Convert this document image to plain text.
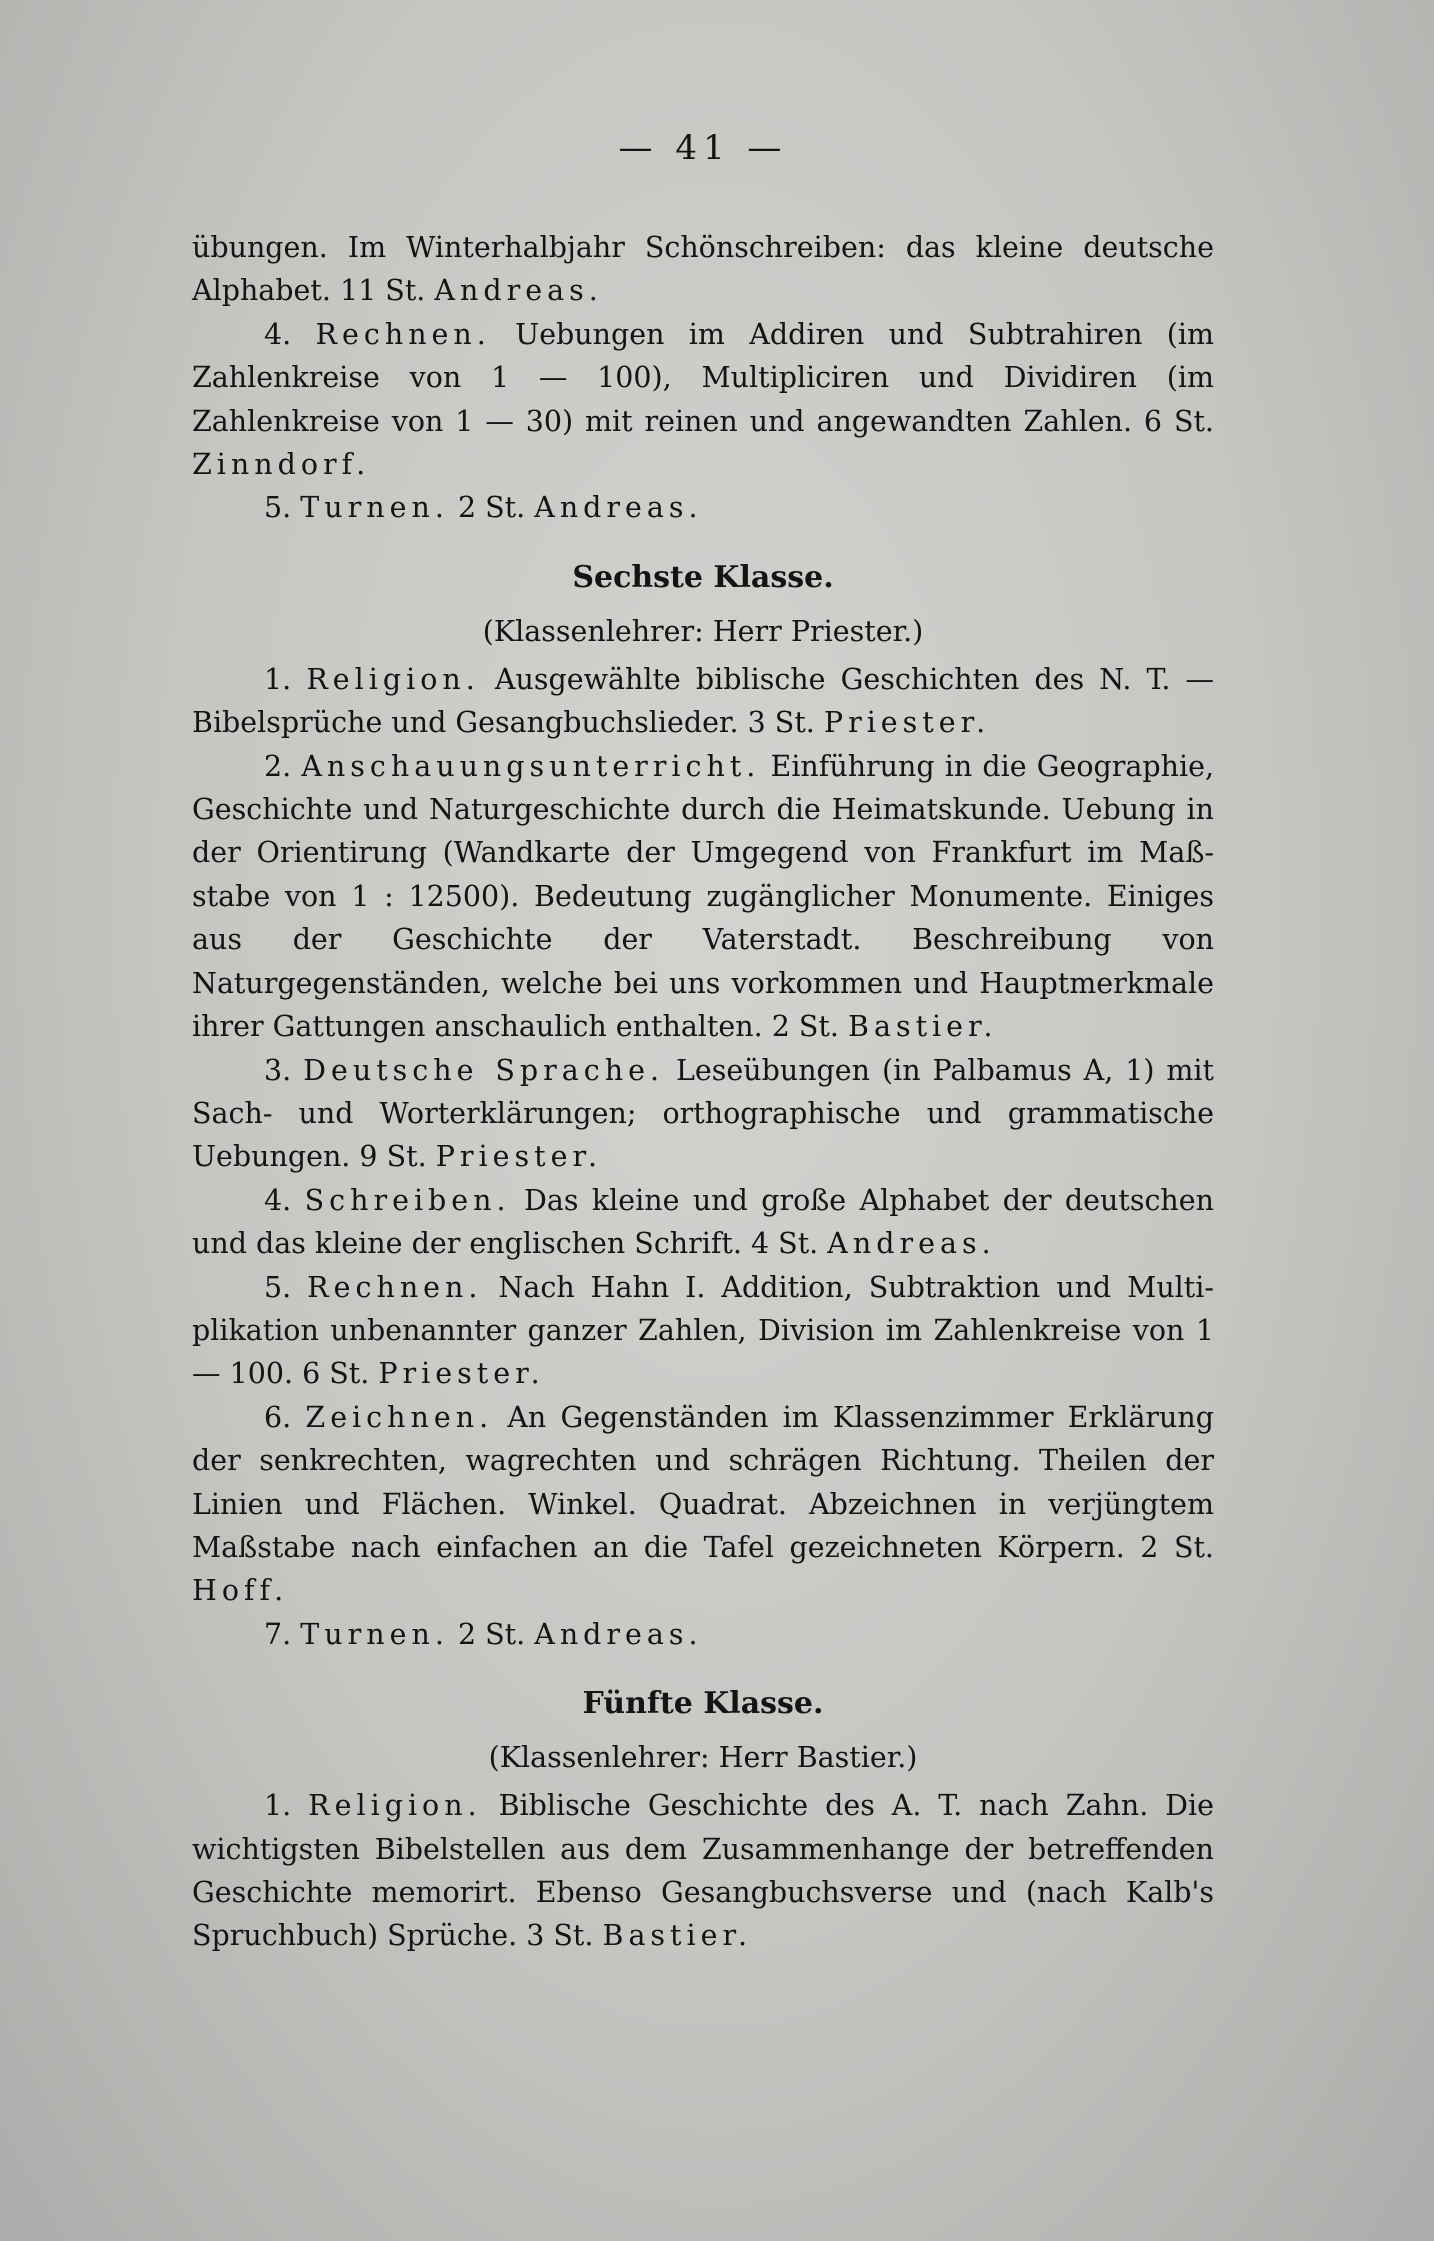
— 41 —

übungen. Im Winterhalbjahr Schönschreiben: das kleine deutsche Alphabet. 11 St. Andreas.

4. Rechnen. Uebungen im Addiren und Subtrahiren (im Zahlenkreise von 1 — 100), Multipliciren und Dividiren (im Zahlenkreise von 1 — 30) mit reinen und angewandten Zahlen. 6 St. Zinndorf.

5. Turnen. 2 St. Andreas.

Sechste Klasse.
(Klassenlehrer: Herr Priester.)

1. Religion. Ausgewählte biblische Geschichten des N. T. — Bibelsprüche und Gesangbuchslieder. 3 St. Priester.

2. Anschauungsunterricht. Einführung in die Geographie, Geschichte und Naturgeschichte durch die Heimatskunde. Uebung in der Orientirung (Wandkarte der Umgegend von Frankfurt im Maßstabe von 1 : 12500). Bedeutung zugänglicher Monumente. Einiges aus der Geschichte der Vaterstadt. Beschreibung von Naturgegenständen, welche bei uns vorkommen und Hauptmerkmale ihrer Gattungen anschaulich enthalten. 2 St. Bastier.

3. Deutsche Sprache. Leseübungen (in Palbamus A, 1) mit Sach- und Worterklärungen; orthographische und grammatische Uebungen. 9 St. Priester.

4. Schreiben. Das kleine und große Alphabet der deutschen und das kleine der englischen Schrift. 4 St. Andreas.

5. Rechnen. Nach Hahn I. Addition, Subtraktion und Multiplikation unbenannter ganzer Zahlen, Division im Zahlenkreise von 1 — 100. 6 St. Priester.

6. Zeichnen. An Gegenständen im Klassenzimmer Erklärung der senkrechten, wagrechten und schrägen Richtung. Theilen der Linien und Flächen. Winkel. Quadrat. Abzeichnen in verjüngtem Maßstabe nach einfachen an die Tafel gezeichneten Körpern. 2 St. Hoff.

7. Turnen. 2 St. Andreas.

Fünfte Klasse.
(Klassenlehrer: Herr Bastier.)

1. Religion. Biblische Geschichte des A. T. nach Zahn. Die wichtigsten Bibelstellen aus dem Zusammenhange der betreffenden Geschichte memorirt. Ebenso Gesangbuchsverse und (nach Kalb's Spruchbuch) Sprüche. 3 St. Bastier.
